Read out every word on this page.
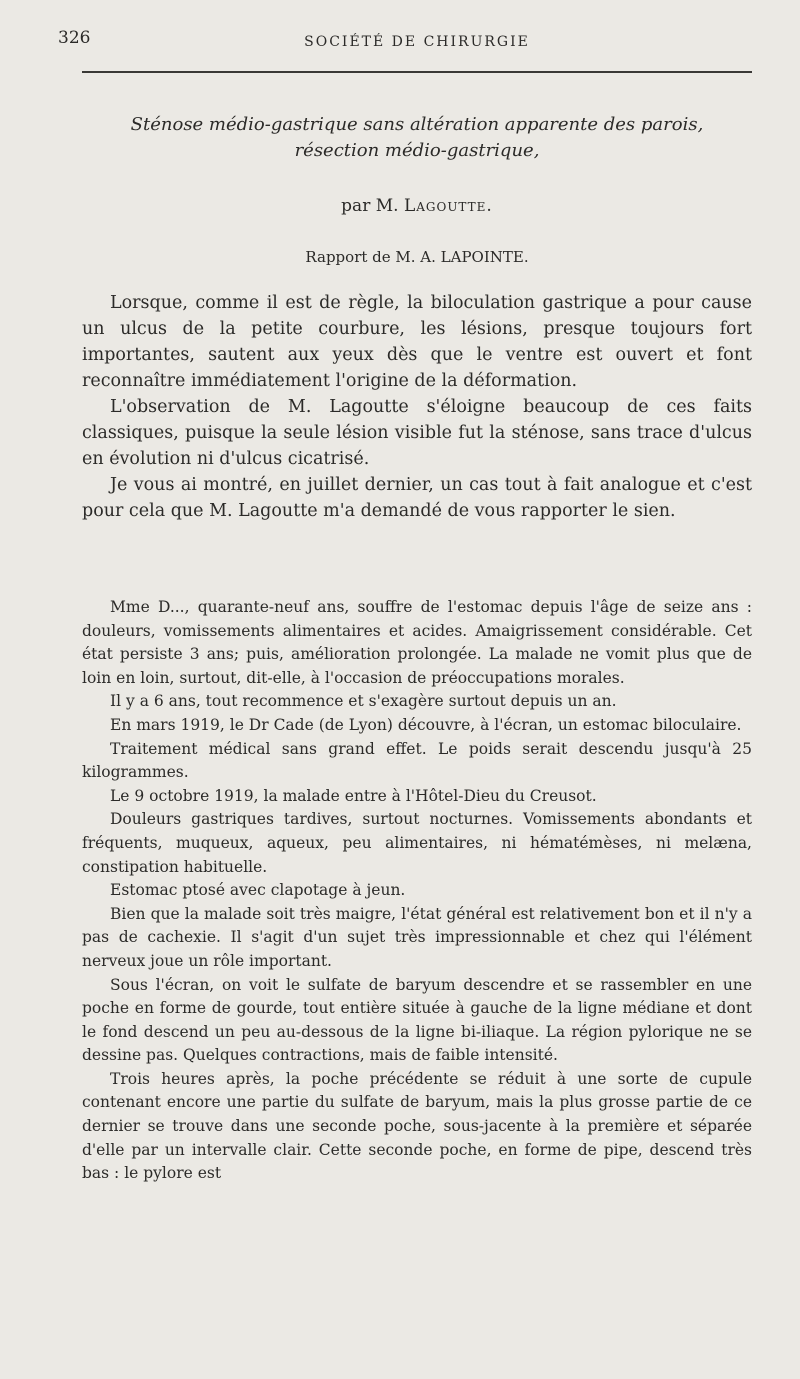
326	SOCIÉTÉ DE CHIRURGIE
Sténose médio-gastrique sans altération apparente des parois,
résection médio-gastrique,
par M. Lagoutte.
Rapport de M. A. LAPOINTE.

Lorsque, comme il est de règle, la biloculation gastrique a pour cause un ulcus de la petite courbure, les lésions, presque toujours fort importantes, sautent aux yeux dès que le ventre est ouvert et font reconnaître immédiatement l'origine de la déformation.

L'observation de M. Lagoutte s'éloigne beaucoup de ces faits classiques, puisque la seule lésion visible fut la sténose, sans trace d'ulcus en évolution ni d'ulcus cicatrisé.

Je vous ai montré, en juillet dernier, un cas tout à fait analogue et c'est pour cela que M. Lagoutte m'a demandé de vous rapporter le sien.

Mme D..., quarante-neuf ans, souffre de l'estomac depuis l'âge de seize ans : douleurs, vomissements alimentaires et acides. Amaigrissement considérable. Cet état persiste 3 ans; puis, amélioration prolongée. La malade ne vomit plus que de loin en loin, surtout, dit-elle, à l'occasion de préoccupations morales.

Il y a 6 ans, tout recommence et s'exagère surtout depuis un an.

En mars 1919, le Dr Cade (de Lyon) découvre, à l'écran, un estomac biloculaire.

Traitement médical sans grand effet. Le poids serait descendu jusqu'à 25 kilogrammes.

Le 9 octobre 1919, la malade entre à l'Hôtel-Dieu du Creusot.

Douleurs gastriques tardives, surtout nocturnes. Vomissements abondants et fréquents, muqueux, aqueux, peu alimentaires, ni hématémèses, ni melæna, constipation habituelle.

Estomac ptosé avec clapotage à jeun.

Bien que la malade soit très maigre, l'état général est relativement bon et il n'y a pas de cachexie. Il s'agit d'un sujet très impressionnable et chez qui l'élément nerveux joue un rôle important.

Sous l'écran, on voit le sulfate de baryum descendre et se rassembler en une poche en forme de gourde, tout entière située à gauche de la ligne médiane et dont le fond descend un peu au-dessous de la ligne bi-iliaque. La région pylorique ne se dessine pas. Quelques contractions, mais de faible intensité.

Trois heures après, la poche précédente se réduit à une sorte de cupule contenant encore une partie du sulfate de baryum, mais la plus grosse partie de ce dernier se trouve dans une seconde poche, sous-jacente à la première et séparée d'elle par un intervalle clair. Cette seconde poche, en forme de pipe, descend très bas : le pylore est
